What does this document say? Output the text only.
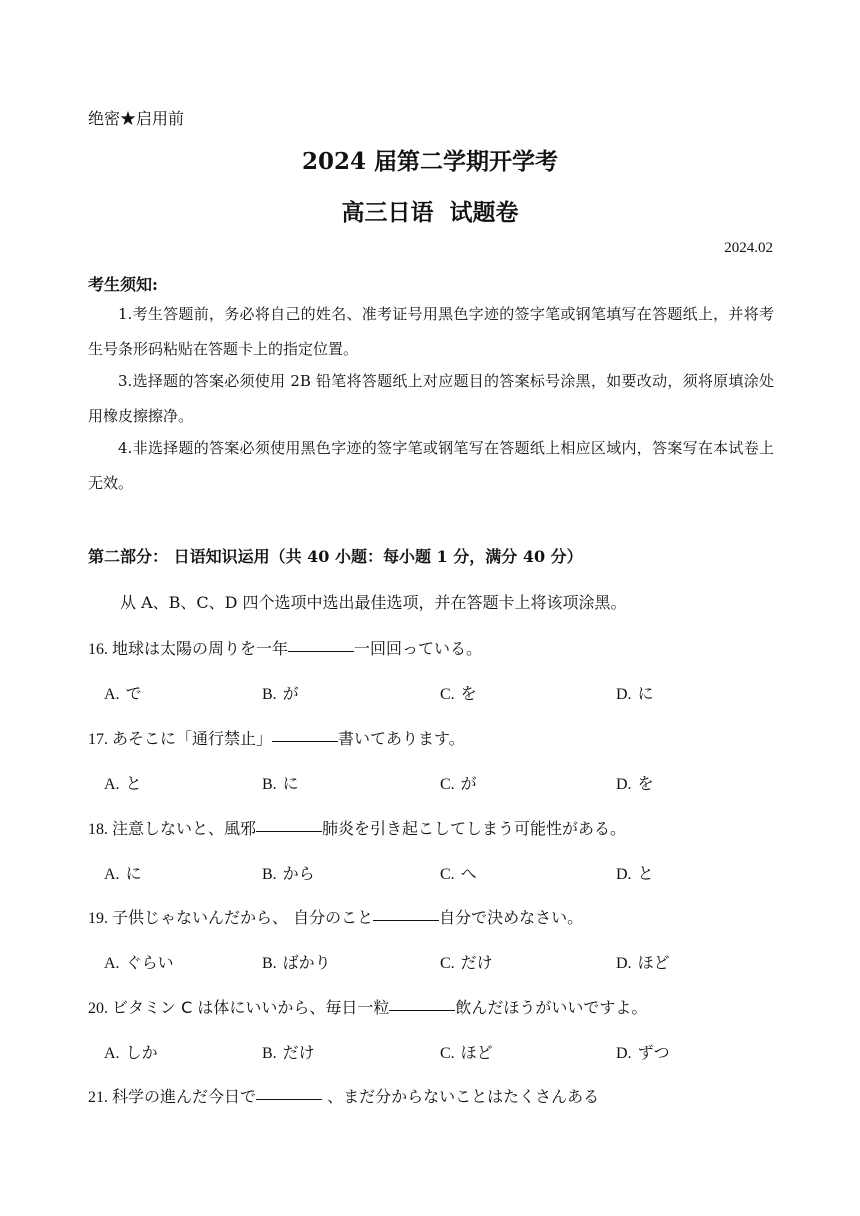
绝密★启用前
2024 届第二学期开学考
高三日语  试题卷
2024.02
考生须知:
1.考生答题前，务必将自己的姓名、准考证号用黑色字迹的签字笔或钢笔填写在答题纸上，并将考生号条形码粘贴在答题卡上的指定位置。
3.选择题的答案必须使用 2B 铅笔将答题纸上对应题目的答案标号涂黑，如要改动，须将原填涂处用橡皮擦擦净。
4.非选择题的答案必须使用黑色字迹的签字笔或钢笔写在答题纸上相应区域内，答案写在本试卷上无效。
第二部分： 日语知识运用（共 40 小题：每小题 1 分，满分 40 分）
从 A、B、C、D 四个选项中选出最佳选项，并在答题卡上将该项涂黑。
16. 地球は太陽の周りを一年	一回回っている。
A. で	B. が	C. を	D. に
17. あそこに「通行禁止」	書いてあります。
A. と	B. に	C. が	D. を
18. 注意しないと、風邪	肺炎を引き起こしてしまう可能性がある。
A. に	B. から	C. へ	D. と
19. 子供じゃないんだから、 自分のこと	自分で決めなさい。
A. ぐらい	B. ばかり	C. だけ	D. ほど
20. ビタミン C は体にいいから、毎日一粒	飲んだほうがいいですよ。
A. しか	B. だけ	C. ほど	D. ずつ
21. 科学の進んだ今日で	、まだ分からないことはたくさんある
